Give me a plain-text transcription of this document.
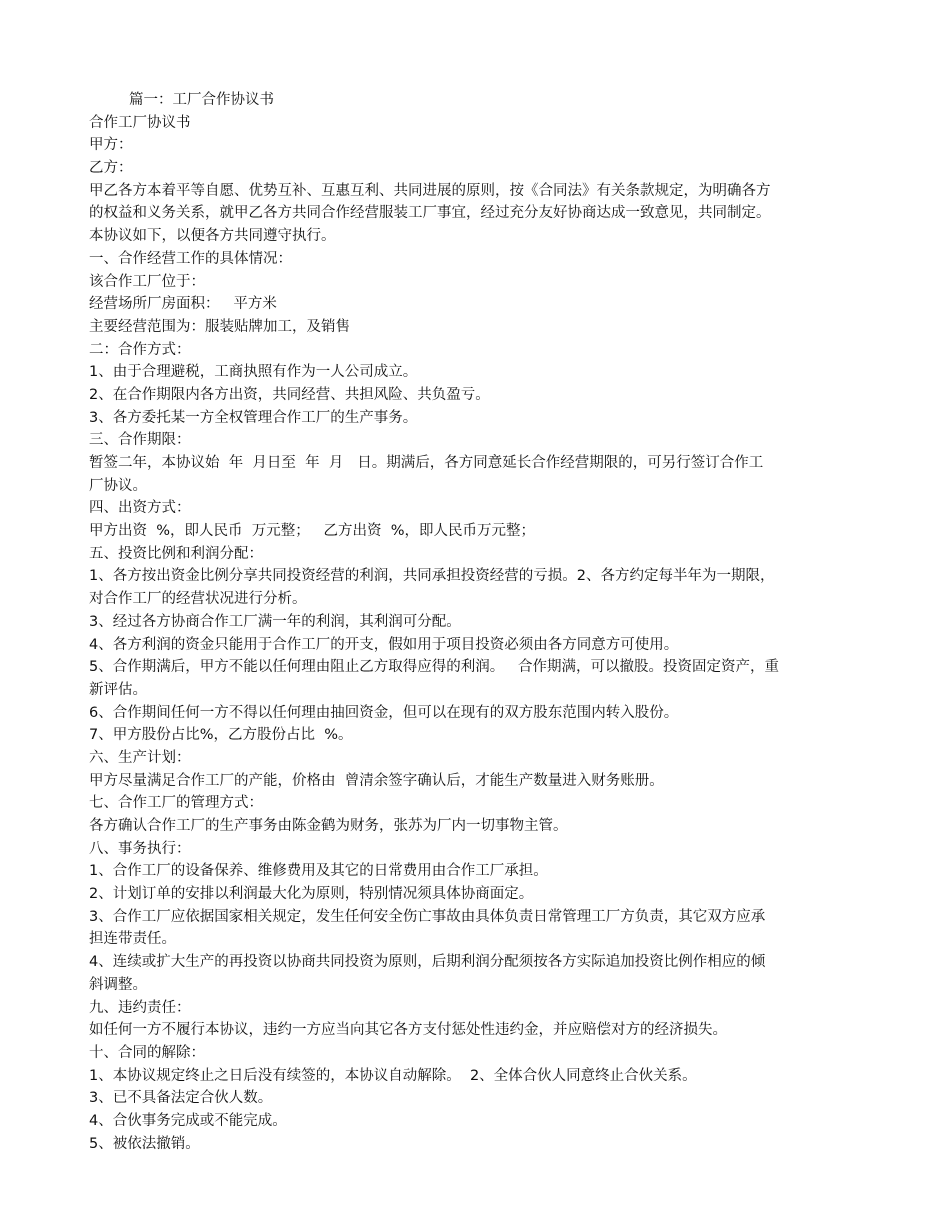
篇一：工厂合作协议书
合作工厂协议书
甲方：
乙方：
甲乙各方本着平等自愿、优势互补、互惠互利、共同进展的原则，按《合同法》有关条款规定，为明确各方
的权益和义务关系，就甲乙各方共同合作经营服装工厂事宜，经过充分友好协商达成一致意见，共同制定。
本协议如下，以便各方共同遵守执行。
一、合作经营工作的具体情况：
该合作工厂位于：
经营场所厂房面积：   平方米
主要经营范围为：服装贴牌加工，及销售
二：合作方式：
1、由于合理避税，工商执照有作为一人公司成立。
2、在合作期限内各方出资，共同经营、共担风险、共负盈亏。
3、各方委托某一方全权管理合作工厂的生产事务。
三、合作期限：
暂签二年，本协议始  年  月日至  年  月   日。期满后，各方同意延长合作经营期限的，可另行签订合作工
厂协议。
四、出资方式：
甲方出资  %，即人民币  万元整；   乙方出资  %，即人民币万元整；
五、投资比例和利润分配：
1、各方按出资金比例分享共同投资经营的利润，共同承担投资经营的亏损。2、各方约定每半年为一期限，
对合作工厂的经营状况进行分析。
3、经过各方协商合作工厂满一年的利润，其利润可分配。
4、各方利润的资金只能用于合作工厂的开支，假如用于项目投资必须由各方同意方可使用。
5、合作期满后，甲方不能以任何理由阻止乙方取得应得的利润。   合作期满，可以撤股。投资固定资产，重
新评估。
6、合作期间任何一方不得以任何理由抽回资金，但可以在现有的双方股东范围内转入股份。
7、甲方股份占比%，乙方股份占比  %。
六、生产计划：
甲方尽量满足合作工厂的产能，价格由  曾清余签字确认后，才能生产数量进入财务账册。
七、合作工厂的管理方式：
各方确认合作工厂的生产事务由陈金鹤为财务，张苏为厂内一切事物主管。
八、事务执行：
1、合作工厂的设备保养、维修费用及其它的日常费用由合作工厂承担。
2、计划订单的安排以利润最大化为原则，特别情况须具体协商面定。
3、合作工厂应依据国家相关规定，发生任何安全伤亡事故由具体负责日常管理工厂方负责，其它双方应承
担连带责任。
4、连续或扩大生产的再投资以协商共同投资为原则，后期利润分配须按各方实际追加投资比例作相应的倾
斜调整。
九、违约责任：
如任何一方不履行本协议，违约一方应当向其它各方支付惩处性违约金，并应赔偿对方的经济损失。
十、合同的解除：
1、本协议规定终止之日后没有续签的，本协议自动解除。  2、全体合伙人同意终止合伙关系。
3、已不具备法定合伙人数。
4、合伙事务完成或不能完成。
5、被依法撤销。
